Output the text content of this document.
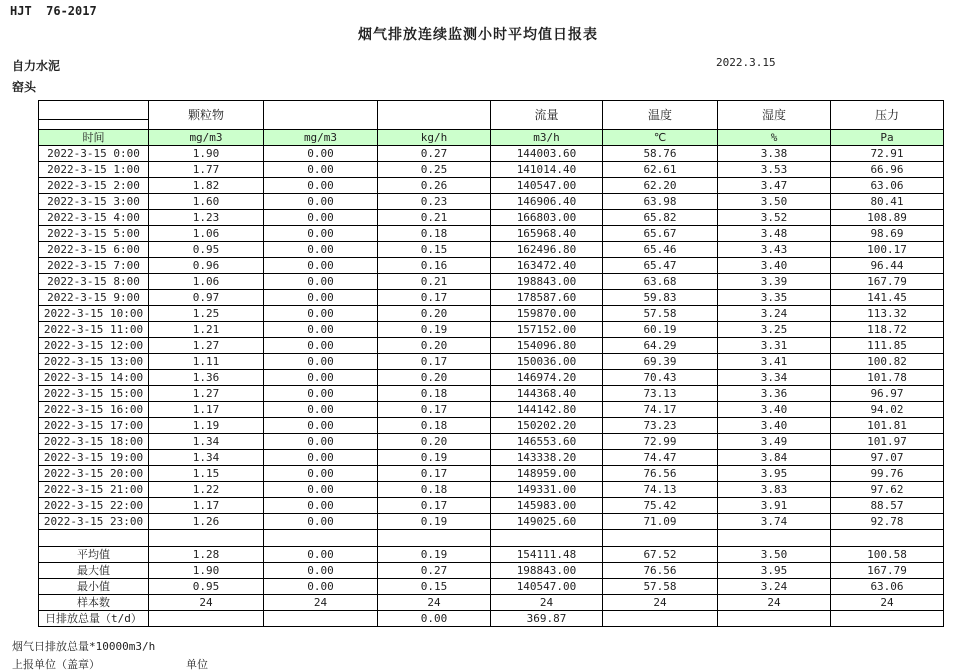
HJT  76-2017
烟气排放连续监测小时平均值日报表
自力水泥
窑头
2022.3.15
	颗粒物			流量	温度	湿度	压力

时间	mg/m3	mg/m3	kg/h	m3/h	℃	%	Pa
2022-3-15 0:00	1.90	0.00	0.27	144003.60	58.76	3.38	72.91
2022-3-15 1:00	1.77	0.00	0.25	141014.40	62.61	3.53	66.96
2022-3-15 2:00	1.82	0.00	0.26	140547.00	62.20	3.47	63.06
2022-3-15 3:00	1.60	0.00	0.23	146906.40	63.98	3.50	80.41
2022-3-15 4:00	1.23	0.00	0.21	166803.00	65.82	3.52	108.89
2022-3-15 5:00	1.06	0.00	0.18	165968.40	65.67	3.48	98.69
2022-3-15 6:00	0.95	0.00	0.15	162496.80	65.46	3.43	100.17
2022-3-15 7:00	0.96	0.00	0.16	163472.40	65.47	3.40	96.44
2022-3-15 8:00	1.06	0.00	0.21	198843.00	63.68	3.39	167.79
2022-3-15 9:00	0.97	0.00	0.17	178587.60	59.83	3.35	141.45
2022-3-15 10:00	1.25	0.00	0.20	159870.00	57.58	3.24	113.32
2022-3-15 11:00	1.21	0.00	0.19	157152.00	60.19	3.25	118.72
2022-3-15 12:00	1.27	0.00	0.20	154096.80	64.29	3.31	111.85
2022-3-15 13:00	1.11	0.00	0.17	150036.00	69.39	3.41	100.82
2022-3-15 14:00	1.36	0.00	0.20	146974.20	70.43	3.34	101.78
2022-3-15 15:00	1.27	0.00	0.18	144368.40	73.13	3.36	96.97
2022-3-15 16:00	1.17	0.00	0.17	144142.80	74.17	3.40	94.02
2022-3-15 17:00	1.19	0.00	0.18	150202.20	73.23	3.40	101.81
2022-3-15 18:00	1.34	0.00	0.20	146553.60	72.99	3.49	101.97
2022-3-15 19:00	1.34	0.00	0.19	143338.20	74.47	3.84	97.07
2022-3-15 20:00	1.15	0.00	0.17	148959.00	76.56	3.95	99.76
2022-3-15 21:00	1.22	0.00	0.18	149331.00	74.13	3.83	97.62
2022-3-15 22:00	1.17	0.00	0.17	145983.00	75.42	3.91	88.57
2022-3-15 23:00	1.26	0.00	0.19	149025.60	71.09	3.74	92.78

平均值	1.28	0.00	0.19	154111.48	67.52	3.50	100.58
最大值	1.90	0.00	0.27	198843.00	76.56	3.95	167.79
最小值	0.95	0.00	0.15	140547.00	57.58	3.24	63.06
样本数	24	24	24	24	24	24	24
日排放总量（t/d）			0.00	369.87			
烟气日排放总量*10000m3/h
上报单位（盖章）	单位
